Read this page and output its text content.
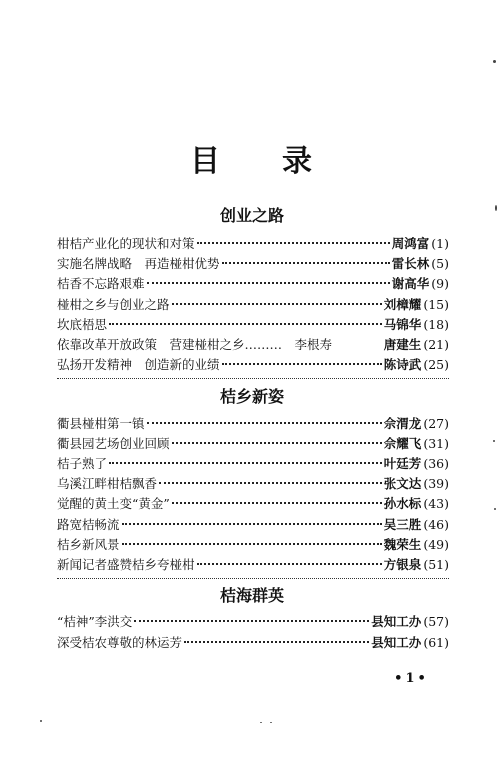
目 录
创业之路
柑桔产业化的现状和对策	周鸿富 ( 1 )
实施名牌战略　再造椪柑优势	雷长林 ( 5 )
桔香不忘路艰难	谢高华 ( 9 )
椪柑之乡与创业之路	刘樟耀 ( 15 )
坎底梧思	马锦华 ( 18 )
依靠改革开放政策　营建椪柑之乡………　李根寿	唐建生 ( 21 )
弘扬开发精神　创造新的业绩	陈诗武 ( 25 )
桔乡新姿
衢县椪柑第一镇	佘渭龙 ( 27 )
衢县园艺场创业回顾	佘耀飞 ( 31 )
桔子熟了	叶廷芳 ( 36 )
乌溪江畔柑桔飘香	张文达 ( 39 )
觉醒的黄土变“黄金”	孙水标 ( 43 )
路宽桔畅流	吴三胜 ( 46 )
桔乡新风景	魏荣生 ( 49 )
新闻记者盛赞桔乡夸椪柑	方银泉 ( 51 )
桔海群英
“桔神”李洪交	县知工办 ( 57 )
深受桔农尊敬的林运芳	县知工办 ( 61 )
• 1 •
